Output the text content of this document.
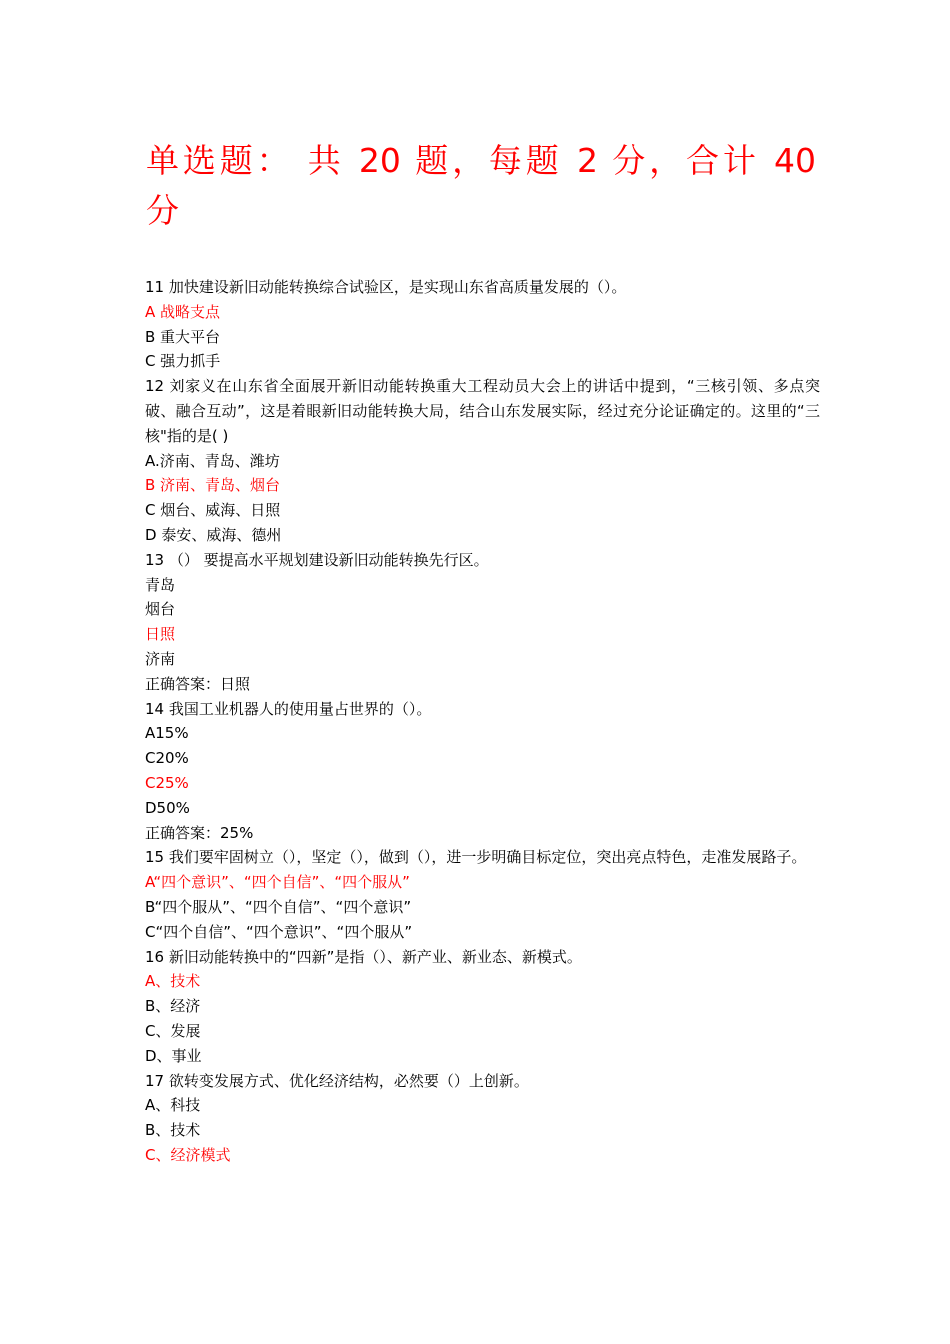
单选题： 共 20 题，每题 2 分，合计 40
分
11 加快建设新旧动能转换综合试验区，是实现山东省高质量发展的（）。
A 战略支点
B 重大平台
C 强力抓手
12 刘家义在山东省全面展开新旧动能转换重大工程动员大会上的讲话中提到，“三核引领、多点突破、融合互动”，这是着眼新旧动能转换大局，结合山东发展实际，经过充分论证确定的。这里的“三核"指的是( )
A.济南、青岛、潍坊
B 济南、青岛、烟台
C 烟台、威海、日照
D 泰安、威海、德州
13 （） 要提高水平规划建设新旧动能转换先行区。
青岛
烟台
日照
济南
正确答案：日照
14 我国工业机器人的使用量占世界的（）。
A15%
C20%
C25%
D50%
正确答案：25%
15 我们要牢固树立（），坚定（），做到（），进一步明确目标定位，突出亮点特色，走准发展路子。
A“四个意识”、“四个自信”、“四个服从”
B“四个服从”、“四个自信”、“四个意识”
C“四个自信”、“四个意识”、“四个服从”
16 新旧动能转换中的“四新”是指（）、新产业、新业态、新模式。
A、技术
B、经济
C、发展
D、事业
17 欲转变发展方式、优化经济结构，必然要（）上创新。
A、科技
B、技术
C、经济模式
